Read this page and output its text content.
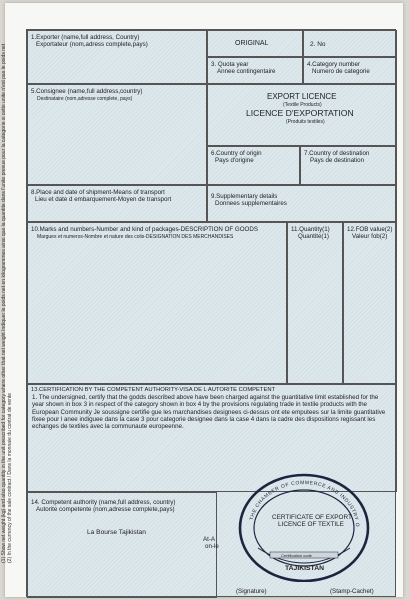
(1) Show net weight (kg) and also quantity in the unit prescribed for category where other that net weight Indiquer le poids net en kilogrammes ainsi que la quantite dans l'unite prevue pour la categorie si cette unite n'est pas le poids net (2) In the currency of the sale contract / Dans la monnaie du contrat de vente
1.Exporter (name,full address, Country)
Exportateur (nom,adress complete,pays)	ORIGINAL	2. No
3. Quota year
Annee contingentaire
4.Category number
Numero de categorie
5.Consignee (name,full address,country)
Destinataire (nom,adresse complete, pays)	EXPORT LICENCE
(Textile Products)
LICENCE D'EXPORTATION
(Produits textiles)
6.Country of origin
Pays d'origine
7.Country of destination
Pays de destination
8.Place and date of shipment-Means of transport
Lieu et date d embarquement-Moyen de transport	9.Supplementary details
Donnees supplementaires
10.Marks and numbers-Number and kind of packages-DESCRIPTION OF GOODS
Margues et numeros-Nombre et nature des colis-DESIGNATION DES MERCHANDISES
11.Quantity(1)
Quantite(1)
12.FOB value(2)
Valeur fob(2)
13.CERTIFICATION BY THE COMPETENT AUTHORITY-VISA DE L AUTORITE COMPETENT
1. The undersigned, certify that the godds described above have been charged against the guantitative limit established for the year shown in box 3 in respect of the category shown in box 4 by the provisions regulating trade in textile products with the European Community Je soussigne certifie gue les marchandises designees ci-dessus ont ete emputees sur la limite guantitative fixee pour l anee indiguee dans la case 3 pour categorie designee dans la case 4 dans la cadre des dispositions regissant les echanges de textiles avec la communaute europeenne.
14. Competent authority (name,full address, country)
Autorite competente (nom,adresse complete,pays)
La Bourse Tajikistan
At-A
on-le
THE CHAMBER OF COMMERCE AND INDUSTRY O
CERTIFICATE OF EXPORT
LICENCE OF TEXTILE
Certification code
TAJIKISTAN
(Signature)	(Stamp-Cachet)
